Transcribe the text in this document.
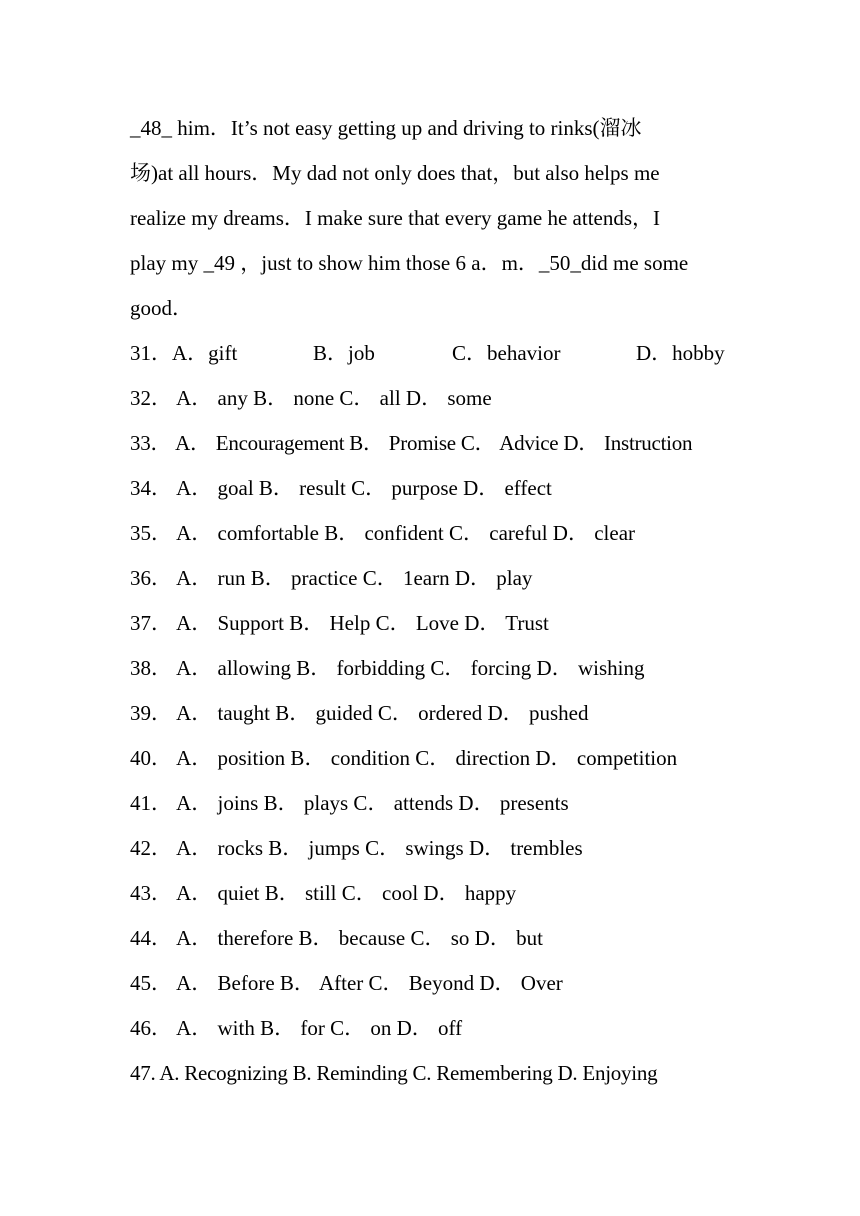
_48_ him．It’s not easy getting up and driving to rinks(溜冰
场)at all hours．My dad not only does that，but also helps me
realize my dreams．I make sure that every game he attends，I
play my _49 ，just to show him those 6 a．m．_50_did me some
good．
31．A．gift	B．job	C．behavior	D．hobby
32． A． any B． none C． all D． some
33． A． Encouragement B． Promise C． Advice D． Instruction
34． A． goal B． result C． purpose D． effect
35． A． comfortable B． confident C． careful D． clear
36． A． run B． practice C． 1earn D． play
37． A． Support B． Help C． Love D． Trust
38． A． allowing B． forbidding C． forcing D． wishing
39． A． taught B． guided C． ordered D． pushed
40． A． position B． condition C． direction D． competition
41． A． joins B． plays C． attends D． presents
42． A． rocks B． jumps C． swings D． trembles
43． A． quiet B． still C． cool D． happy
44． A． therefore B． because C． so D． but
45． A． Before B． After C． Beyond D． Over
46． A． with B． for C． on D． off
47. A. Recognizing B. Reminding C. Remembering D. Enjoying
